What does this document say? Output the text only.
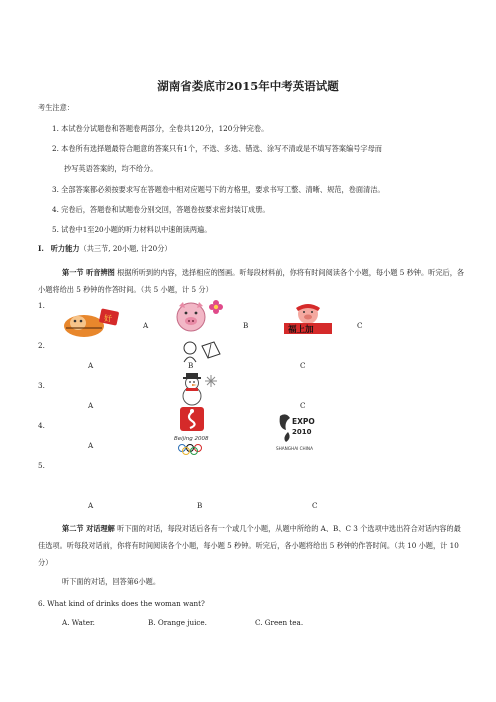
湖南省娄底市2015年中考英语试题
考生注意：
1. 本试卷分试题卷和答题卷两部分，全卷共120分，120分钟完卷。
2. 本卷所有选择题最符合题意的答案只有1个，不选、多选、错选、涂写不清或是不填写答案编号字母而
抄写英语答案的，均不给分。
3. 全部答案都必须按要求写在答题卷中相对应题号下的方格里，要求书写工整、清晰、规范，卷面清洁。
4. 完卷后，答题卷和试题卷分别交回，答题卷按要求密封装订成册。
5. 试卷中1至20小题的听力材料以中速朗读两遍。
I. 听力能力（共三节, 20小题, 计20分）
第一节 听音辨图 根据所听到的内容，选择相应的图画。听每段材料前，你将有时间阅读各个小题，每小题 5 秒钟。听完后，各小题将给出 5 秒钟的作答时间。（共 5 小题，计 5 分）
1.
好
A	B	福上加	C
2.
A	B	C
3.
A	C
4.
Beijing 2008
EXPO
2010
SHANGHAI CHINA
A
5.
A	B	C
第二节 对话理解 听下面的对话，每段对话后各有一个或几个小题，从题中所给的 A、B、C 3 个选项中选出符合对话内容的最佳选项。听每段对话前，你将有时间阅读各个小题，每小题 5 秒钟。听完后，各小题将给出 5 秒钟的作答时间。（共 10 小题，计 10 分）
听下面的对话，回答第6小题。
6. What kind of drinks does the woman want?
A. Water.	B. Orange juice.	C. Green tea.
